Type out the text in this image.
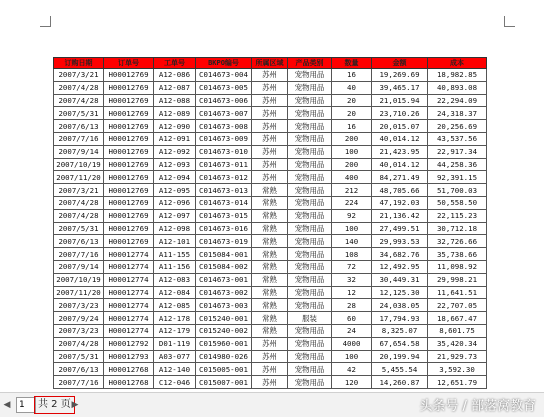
订购日期	订单号	工单号	BKPO编号	所属区域	产品类别	数量	金额	成本
2007/3/21	H00012769	A12-086	C01467З-004	苏州	宠物用品	16	19,269.69	18,982.85
2007/4/28	H00012769	A12-087	C014673-005	苏州	宠物用品	40	39,465.17	40,893.08
2007/4/28	H00012769	A12-088	C014673-006	苏州	宠物用品	20	21,015.94	22,294.09
2007/5/31	H00012769	A12-089	C014673-007	苏州	宠物用品	20	23,710.26	24,318.37
2007/6/13	H00012769	A12-090	C014673-008	苏州	宠物用品	16	20,015.07	20,256.69
2007/7/16	H00012769	A12-091	C014673-009	苏州	宠物用品	200	40,014.12	43,537.56
2007/9/14	H00012769	A12-092	C014673-010	苏州	宠物用品	100	21,423.95	22,917.34
2007/10/19	H00012769	A12-093	C014673-011	苏州	宠物用品	200	40,014.12	44,258.36
2007/11/20	H00012769	A12-094	C014673-012	苏州	宠物用品	400	84,271.49	92,391.15
2007/3/21	H00012769	A12-095	C014673-013	常熟	宠物用品	212	48,705.66	51,700.03
2007/4/28	H00012769	A12-096	C014673-014	常熟	宠物用品	224	47,192.03	50,558.50
2007/4/28	H00012769	A12-097	C014673-015	常熟	宠物用品	92	21,136.42	22,115.23
2007/5/31	H00012769	A12-098	C014673-016	常熟	宠物用品	100	27,499.51	30,712.18
2007/6/13	H00012769	A12-101	C014673-019	常熟	宠物用品	140	29,993.53	32,726.66
2007/7/16	H00012774	A11-155	C015084-001	常熟	宠物用品	108	34,682.76	35,738.66
2007/9/14	H00012774	A11-156	C015084-002	常熟	宠物用品	72	12,492.95	11,098.92
2007/10/19	H00012774	A12-083	C014673-001	常熟	宠物用品	32	30,449.31	29,998.21
2007/11/20	H00012774	A12-084	C014673-002	常熟	宠物用品	12	12,125.30	11,641.51
2007/3/23	H00012774	A12-085	C014673-003	常熟	宠物用品	28	24,038.05	22,707.05
2007/9/24	H00012774	A12-178	C015240-001	常熟	服装	60	17,794.93	18,667.47
2007/3/23	H00012774	A12-179	C015240-002	常熟	宠物用品	24	8,325.07	8,601.75
2007/4/28	H00012792	D01-119	C015960-001	苏州	宠物用品	4000	67,654.58	35,420.34
2007/5/31	H00012793	A03-077	C014980-026	苏州	宠物用品	100	20,199.94	21,929.73
2007/6/13	H00012768	A12-140	C015005-001	苏州	宠物用品	42	5,455.54	3,592.30
2007/7/16	H00012768	C12-046	C015007-001	苏州	宠物用品	120	14,260.87	12,651.79
◀ 1	共 2 页 ▶	头条号 / 部落窝教育
